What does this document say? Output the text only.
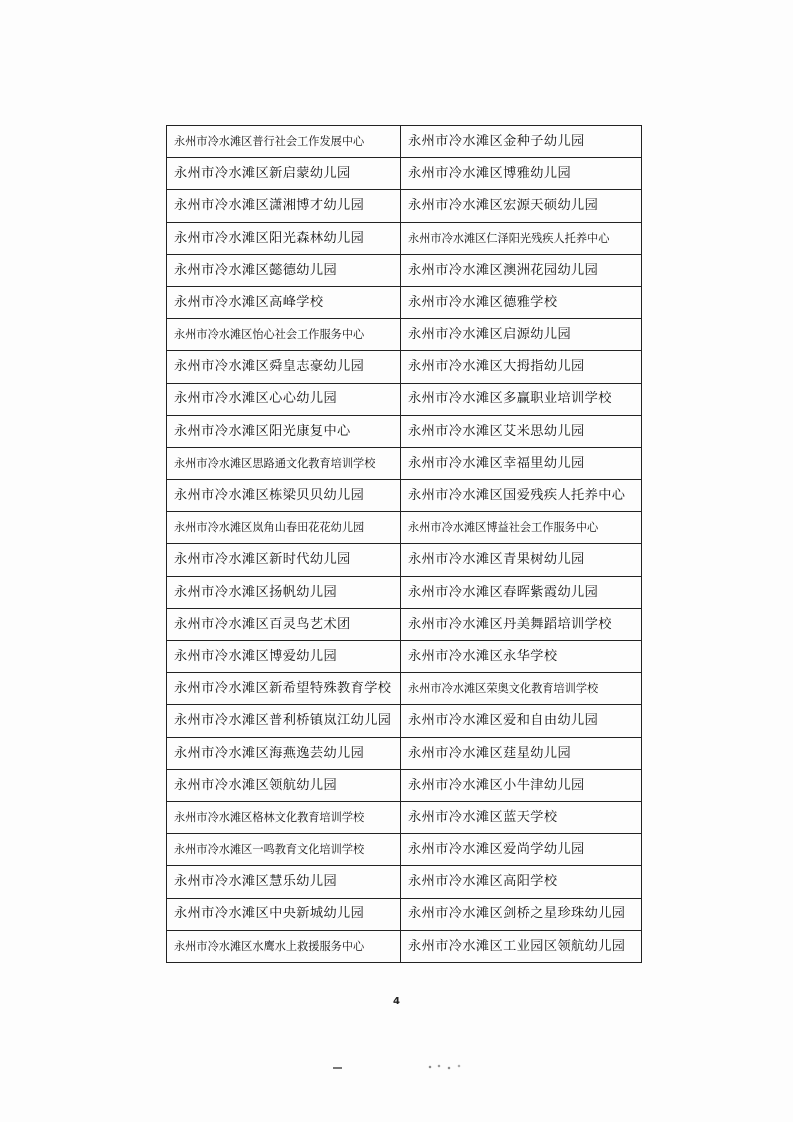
永州市冷水滩区普行社会工作发展中心	永州市冷水滩区金种子幼儿园
永州市冷水滩区新启蒙幼儿园	永州市冷水滩区博雅幼儿园
永州市冷水滩区潇湘博才幼儿园	永州市冷水滩区宏源天硕幼儿园
永州市冷水滩区阳光森林幼儿园	永州市冷水滩区仁泽阳光残疾人托养中心
永州市冷水滩区懿德幼儿园	永州市冷水滩区澳洲花园幼儿园
永州市冷水滩区高峰学校	永州市冷水滩区德雅学校
永州市冷水滩区怡心社会工作服务中心	永州市冷水滩区启源幼儿园
永州市冷水滩区舜皇志豪幼儿园	永州市冷水滩区大拇指幼儿园
永州市冷水滩区心心幼儿园	永州市冷水滩区多赢职业培训学校
永州市冷水滩区阳光康复中心	永州市冷水滩区艾米思幼儿园
永州市冷水滩区思路通文化教育培训学校	永州市冷水滩区幸福里幼儿园
永州市冷水滩区栋梁贝贝幼儿园	永州市冷水滩区国爱残疾人托养中心
永州市冷水滩区岚角山春田花花幼儿园	永州市冷水滩区博益社会工作服务中心
永州市冷水滩区新时代幼儿园	永州市冷水滩区青果树幼儿园
永州市冷水滩区扬帆幼儿园	永州市冷水滩区春晖紫霞幼儿园
永州市冷水滩区百灵鸟艺术团	永州市冷水滩区丹美舞蹈培训学校
永州市冷水滩区博爱幼儿园	永州市冷水滩区永华学校
永州市冷水滩区新希望特殊教育学校	永州市冷水滩区荣奥文化教育培训学校
永州市冷水滩区普利桥镇岚江幼儿园	永州市冷水滩区爱和自由幼儿园
永州市冷水滩区海燕逸芸幼儿园	永州市冷水滩区莛星幼儿园
永州市冷水滩区领航幼儿园	永州市冷水滩区小牛津幼儿园
永州市冷水滩区格林文化教育培训学校	永州市冷水滩区蓝天学校
永州市冷水滩区一鸣教育文化培训学校	永州市冷水滩区爱尚学幼儿园
永州市冷水滩区慧乐幼儿园	永州市冷水滩区高阳学校
永州市冷水滩区中央新城幼儿园	永州市冷水滩区剑桥之星珍珠幼儿园
永州市冷水滩区水鹰水上救援服务中心	永州市冷水滩区工业园区领航幼儿园
4
